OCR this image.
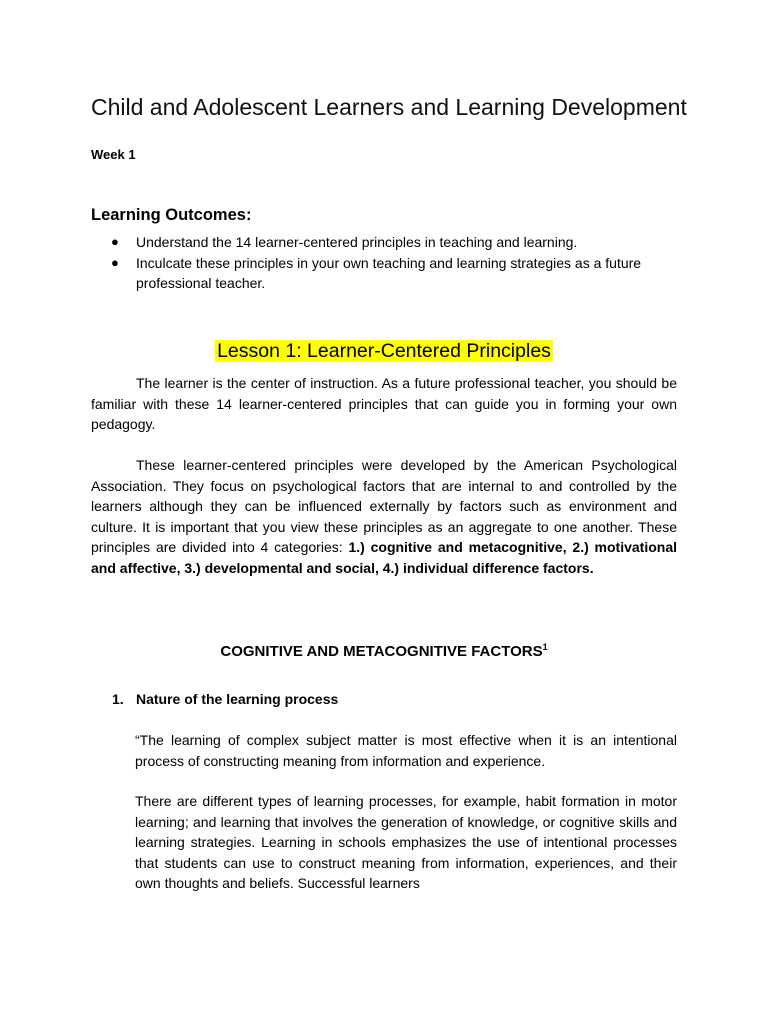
Child and Adolescent Learners and Learning Development
Week 1
Learning Outcomes:
● Understand the 14 learner-centered principles in teaching and learning.
● Inculcate these principles in your own teaching and learning strategies as a future professional teacher.
Lesson 1: Learner-Centered Principles

The learner is the center of instruction. As a future professional teacher, you should be familiar with these 14 learner-centered principles that can guide you in forming your own pedagogy.

These learner-centered principles were developed by the American Psychological Association. They focus on psychological factors that are internal to and controlled by the learners although they can be influenced externally by factors such as environment and culture. It is important that you view these principles as an aggregate to one another. These principles are divided into 4 categories: 1.) cognitive and metacognitive, 2.) motivational and affective, 3.) developmental and social, 4.) individual difference factors.

COGNITIVE AND METACOGNITIVE FACTORS$^1$
1. Nature of the learning process

“The learning of complex subject matter is most effective when it is an intentional process of constructing meaning from information and experience.

There are different types of learning processes, for example, habit formation in motor learning; and learning that involves the generation of knowledge, or cognitive skills and learning strategies. Learning in schools emphasizes the use of intentional processes that students can use to construct meaning from information, experiences, and their own thoughts and beliefs. Successful learners
